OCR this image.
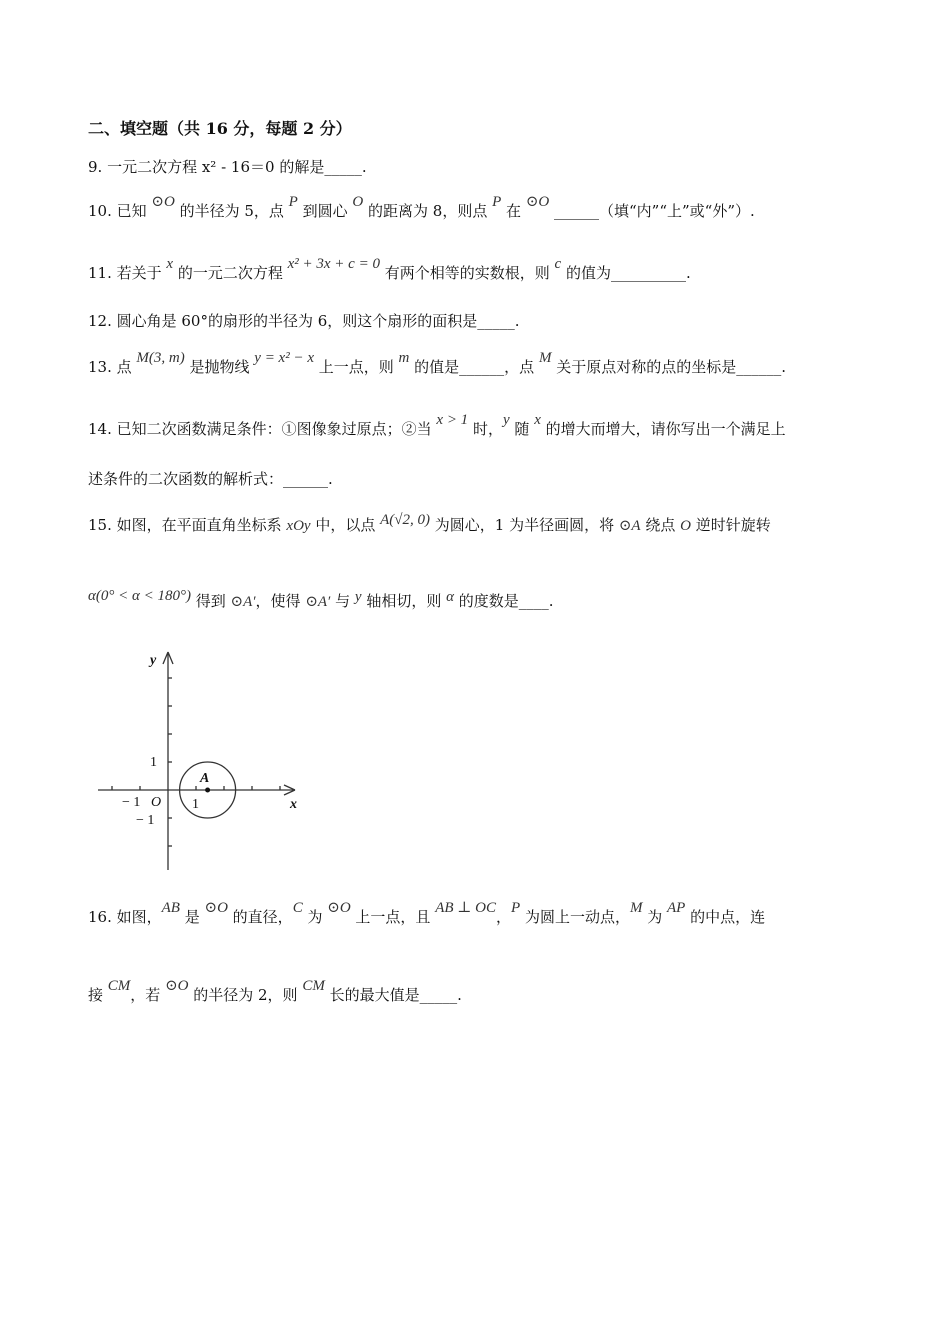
二、填空题（共 16 分，每题 2 分）
9. 一元二次方程 x² - 16＝0 的解是_____.
10. 已知 ⊙O 的半径为 5，点 P 到圆心 O 的距离为 8，则点 P 在 ⊙O ______（填“内”“上”或“外”）.
11. 若关于 x 的一元二次方程 x² + 3x + c = 0 有两个相等的实数根，则 c 的值为__________.
12. 圆心角是 60°的扇形的半径为 6，则这个扇形的面积是_____.
13. 点 M(3, m) 是抛物线 y = x² − x 上一点，则 m 的值是______，点 M 关于原点对称的点的坐标是______.
14. 已知二次函数满足条件：①图像象过原点；②当 x > 1 时，y 随 x 的增大而增大，请你写出一个满足上
述条件的二次函数的解析式：______.
15. 如图，在平面直角坐标系 xOy 中，以点 A(√2, 0) 为圆心，1 为半径画圆，将 ⊙A 绕点 O 逆时针旋转
α(0° < α < 180°) 得到 ⊙A′，使得 ⊙A′ 与 y 轴相切，则 α 的度数是____.
y
x
O
A
1
− 1
− 1	1
16. 如图，AB 是 ⊙O 的直径，C 为 ⊙O 上一点，且 AB ⊥ OC，P 为圆上一动点，M 为 AP 的中点，连
接 CM，若 ⊙O 的半径为 2，则 CM 长的最大值是_____.
